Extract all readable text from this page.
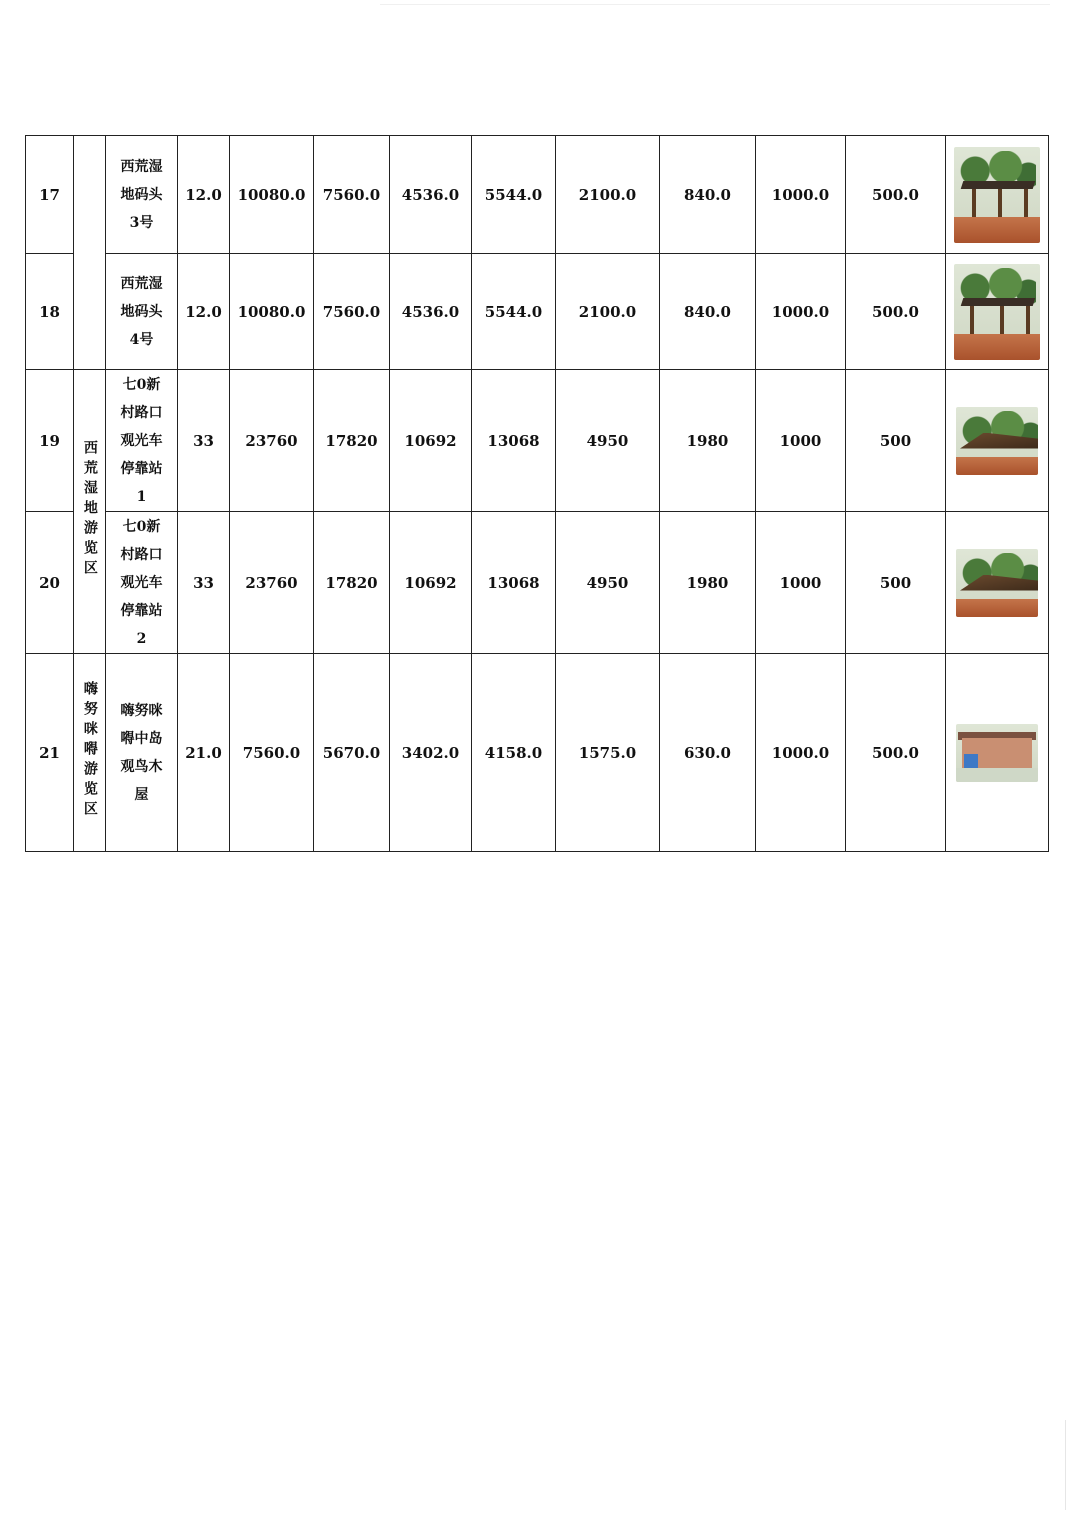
17		西荒湿
地码头
3号	12.0	10080.0	7560.0	4536.0	5544.0	2100.0	840.0	1000.0	500.0	

18		西荒湿
地码头
4号	12.0	10080.0	7560.0	4536.0	5544.0	2100.0	840.0	1000.0	500.0	

19	西荒湿地游览区	七0新
村路口
观光车
停靠站
1	33	23760	17820	10692	13068	4950	1980	1000	500	

20		七0新
村路口
观光车
停靠站
2	33	23760	17820	10692	13068	4950	1980	1000	500	

21	嗨努咪嘚游览区	嗨努咪
嘚中岛
观鸟木
屋	21.0	7560.0	5670.0	3402.0	4158.0	1575.0	630.0	1000.0	500.0	
